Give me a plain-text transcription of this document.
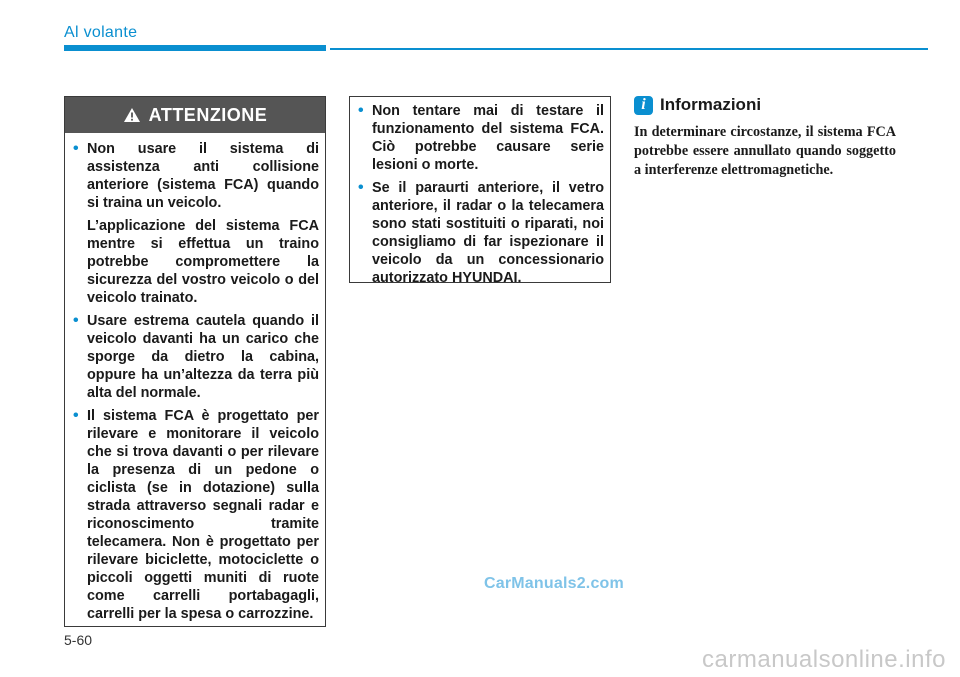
Al volante
ATTENZIONE
• Non usare il sistema di assistenza anti collisione anteriore (sistema FCA) quando si traina un veicolo.
L’applicazione del sistema FCA mentre si effettua un traino potrebbe compromettere la sicurezza del vostro veicolo o del veicolo trainato.
• Usare estrema cautela quando il veicolo davanti ha un carico che sporge da dietro la cabina, oppure ha un’altezza da terra più alta del normale.
• Il sistema FCA è progettato per rilevare e monitorare il veicolo che si trova davanti o per rilevare la presenza di un pedone o ciclista (se in dotazione) sulla strada attraverso segnali radar e riconoscimento tramite telecamera. Non è progettato per rilevare biciclette, motociclette o piccoli oggetti muniti di ruote come carrelli portabagagli, carrelli per la spesa o carrozzine.
• Non tentare mai di testare il funzionamento del sistema FCA. Ciò potrebbe causare serie lesioni o morte.
• Se il paraurti anteriore, il vetro anteriore, il radar o la telecamera sono stati sostituiti o riparati, noi consigliamo di far ispezionare il veicolo da un concessionario autorizzato HYUNDAI.
i Informazioni
In determinare circostanze, il sistema FCA potrebbe essere annullato quando soggetto a interferenze elettromagnetiche.
CarManuals2.com
5-60
carmanualsonline.info
